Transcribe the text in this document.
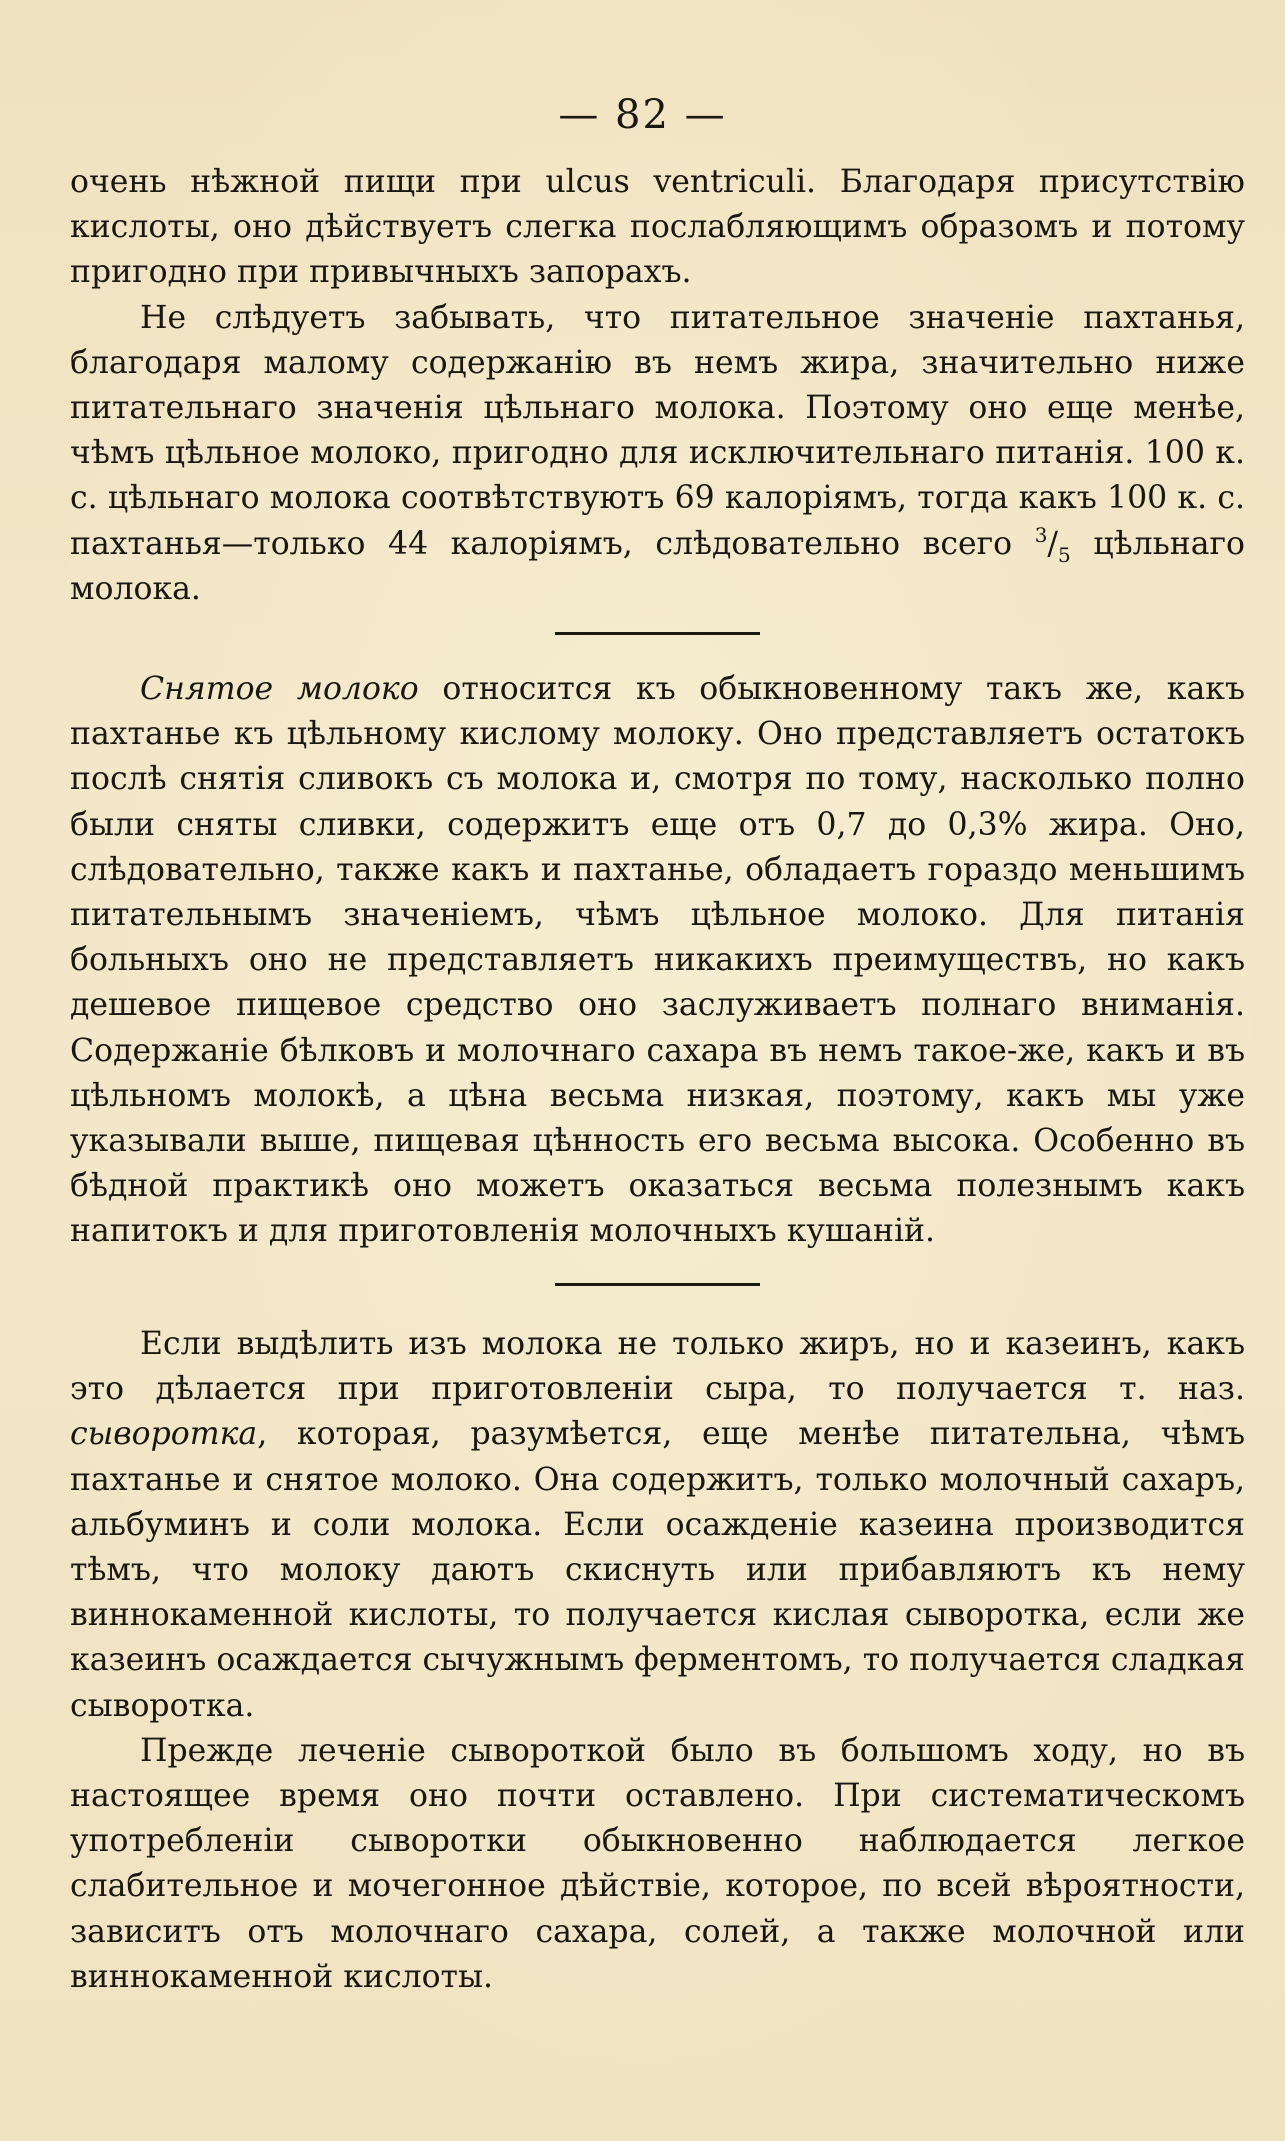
— 82 —

очень нѣжной пищи при ulcus ventriculi. Благодаря присутствію кислоты, оно дѣйствуетъ слегка послабляющимъ образомъ и потому пригодно при привычныхъ запорахъ.

Не слѣдуетъ забывать, что питательное значеніе пахтанья, благодаря малому содержанію въ немъ жира, значительно ниже питательнаго значенія цѣльнаго молока. Поэтому оно еще менѣе, чѣмъ цѣльное молоко, пригодно для исключительнаго питанія. 100 к. с. цѣльнаго молока соотвѣтствуютъ 69 калоріямъ, тогда какъ 100 к. с. пахтанья—только 44 калоріямъ, слѣдовательно всего $^3/_5$ цѣльнаго молока.

Снятое молоко относится къ обыкновенному такъ же, какъ пахтанье къ цѣльному кислому молоку. Оно представляетъ остатокъ послѣ снятія сливокъ съ молока и, смотря по тому, насколько полно были сняты сливки, содержитъ еще отъ 0,7 до 0,3% жира. Оно, слѣдовательно, также какъ и пахтанье, обладаетъ гораздо меньшимъ питательнымъ значеніемъ, чѣмъ цѣльное молоко. Для питанія больныхъ оно не представляетъ никакихъ преимуществъ, но какъ дешевое пищевое средство оно заслуживаетъ полнаго вниманія. Содержаніе бѣлковъ и молочнаго сахара въ немъ такое-же, какъ и въ цѣльномъ молокѣ, а цѣна весьма низкая, поэтому, какъ мы уже указывали выше, пищевая цѣнность его весьма высока. Особенно въ бѣдной практикѣ оно можетъ оказаться весьма полезнымъ какъ напитокъ и для приготовленія молочныхъ кушаній.

Если выдѣлить изъ молока не только жиръ, но и казеинъ, какъ это дѣлается при приготовленіи сыра, то получается т. наз. сыворотка, которая, разумѣется, еще менѣе питательна, чѣмъ пахтанье и снятое молоко. Она содержитъ, только молочный сахаръ, альбуминъ и соли молока. Если осажденіе казеина производится тѣмъ, что молоку даютъ скиснуть или прибавляютъ къ нему виннокаменной кислоты, то получается кислая сыворотка, если же казеинъ осаждается сычужнымъ ферментомъ, то получается сладкая сыворотка.

Прежде леченіе сывороткой было въ большомъ ходу, но въ настоящее время оно почти оставлено. При систематическомъ употребленіи сыворотки обыкновенно наблюдается легкое слабительное и мочегонное дѣйствіе, которое, по всей вѣроятности, зависитъ отъ молочнаго сахара, солей, а также молочной или виннокаменной кислоты.
